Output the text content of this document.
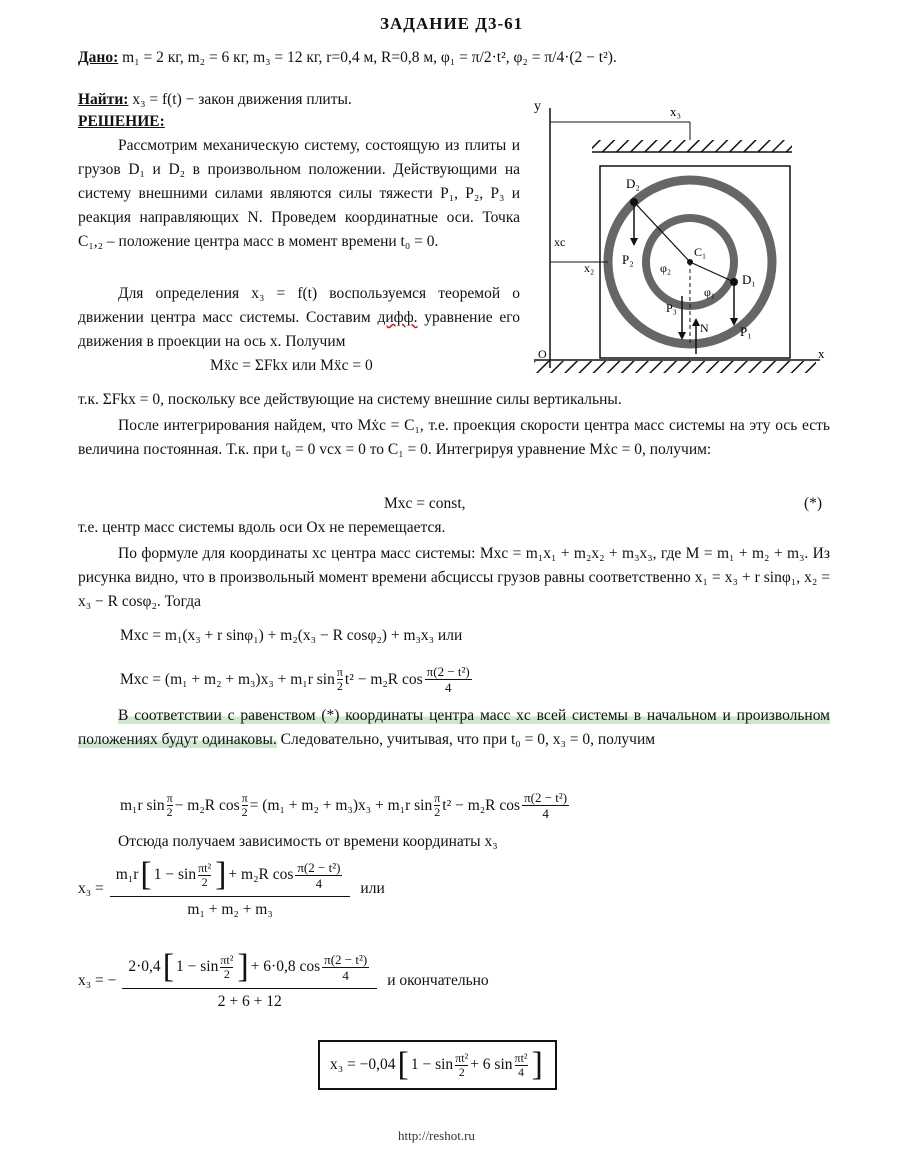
ЗАДАНИЕ Д3-61
Дано: m₁ = 2 кг, m₂ = 6 кг, m₃ = 12 кг, r=0,4 м, R=0,8 м, φ₁ = π/2·t², φ₂ = π/4·(2 − t²).
Найти: x₃ = f(t) − закон движения плиты.
РЕШЕНИЕ:
Рассмотрим механическую систему, состоящую из плиты и грузов D₁ и D₂ в произвольном положении. Действующими на систему внешними силами являются силы тяжести P₁, P₂, P₃ и реакция направляющих N. Проведем координатные оси. Точка C₁,₂ – положение центра масс в момент времени t₀ = 0.
Для определения x₃ = f(t) воспользуемся теоремой о движении центра масс системы. Составим дифф. уравнение его движения в проекции на ось x. Получим
Mẍc = ΣFkx или Mẍc = 0
y	x₃
D₂
P₂
D₁
P₁
C₁
φ₂
φ₁
P₃
N
xc
x₂
O	x
т.к. ΣFkx = 0, поскольку все действующие на систему внешние силы вертикальны.
После интегрирования найдем, что Mẋc = C₁, т.е. проекция скорости центра масс системы на эту ось есть величина постоянная. Т.к. при t₀ = 0 vcx = 0 то C₁ = 0. Интегрируя уравнение Mẋc = 0, получим:
Mxc = const,	(*)
т.е. центр масс системы вдоль оси Ox не перемещается.
По формуле для координаты xc центра масс системы: Mxc = m₁x₁ + m₂x₂ + m₃x₃, где M = m₁ + m₂ + m₃. Из рисунка видно, что в произвольный момент времени абсциссы грузов равны соответственно x₁ = x₃ + r sinφ₁, x₂ = x₃ − R cosφ₂. Тогда
Mxc = m₁(x₃ + r sinφ₁) + m₂(x₃ − R cosφ₂) + m₃x₃ или
Mxc = (m₁ + m₂ + m₃)x₃ + m₁r sin π
2 t² − m₂R cos π(2 − t²)
4
В соответствии с равенством (*) координаты центра масс xc всей системы в начальном и произвольном положениях будут одинаковы. Следовательно, учитывая, что при t₀ = 0, x₃ = 0, получим
m₁r sin π
2 − m₂R $\cos \frac{\pi}{2} = (m_1 + m_2 + m_3)x_3 + m_1r$ sin π
2 t² − m₂R cos π(2 − t²)
4
Отсюда получаем зависимость от времени координаты x₃
x₃ =
m₁r [ 1 − sin πt²
2 ] + m₂R cos π(2 − t²)
4
m₁ + m₂ + m₃
или
x₃ = −
2·0,4 [ 1 − sin πt²
2 ] + 6·0,8 cos π(2 − t²)
4
2 + 6 + 12
и окончательно
x₃ = −0,04 [ 1 − sin πt²
2 + 6 sin πt²
4 ]
http://reshot.ru
